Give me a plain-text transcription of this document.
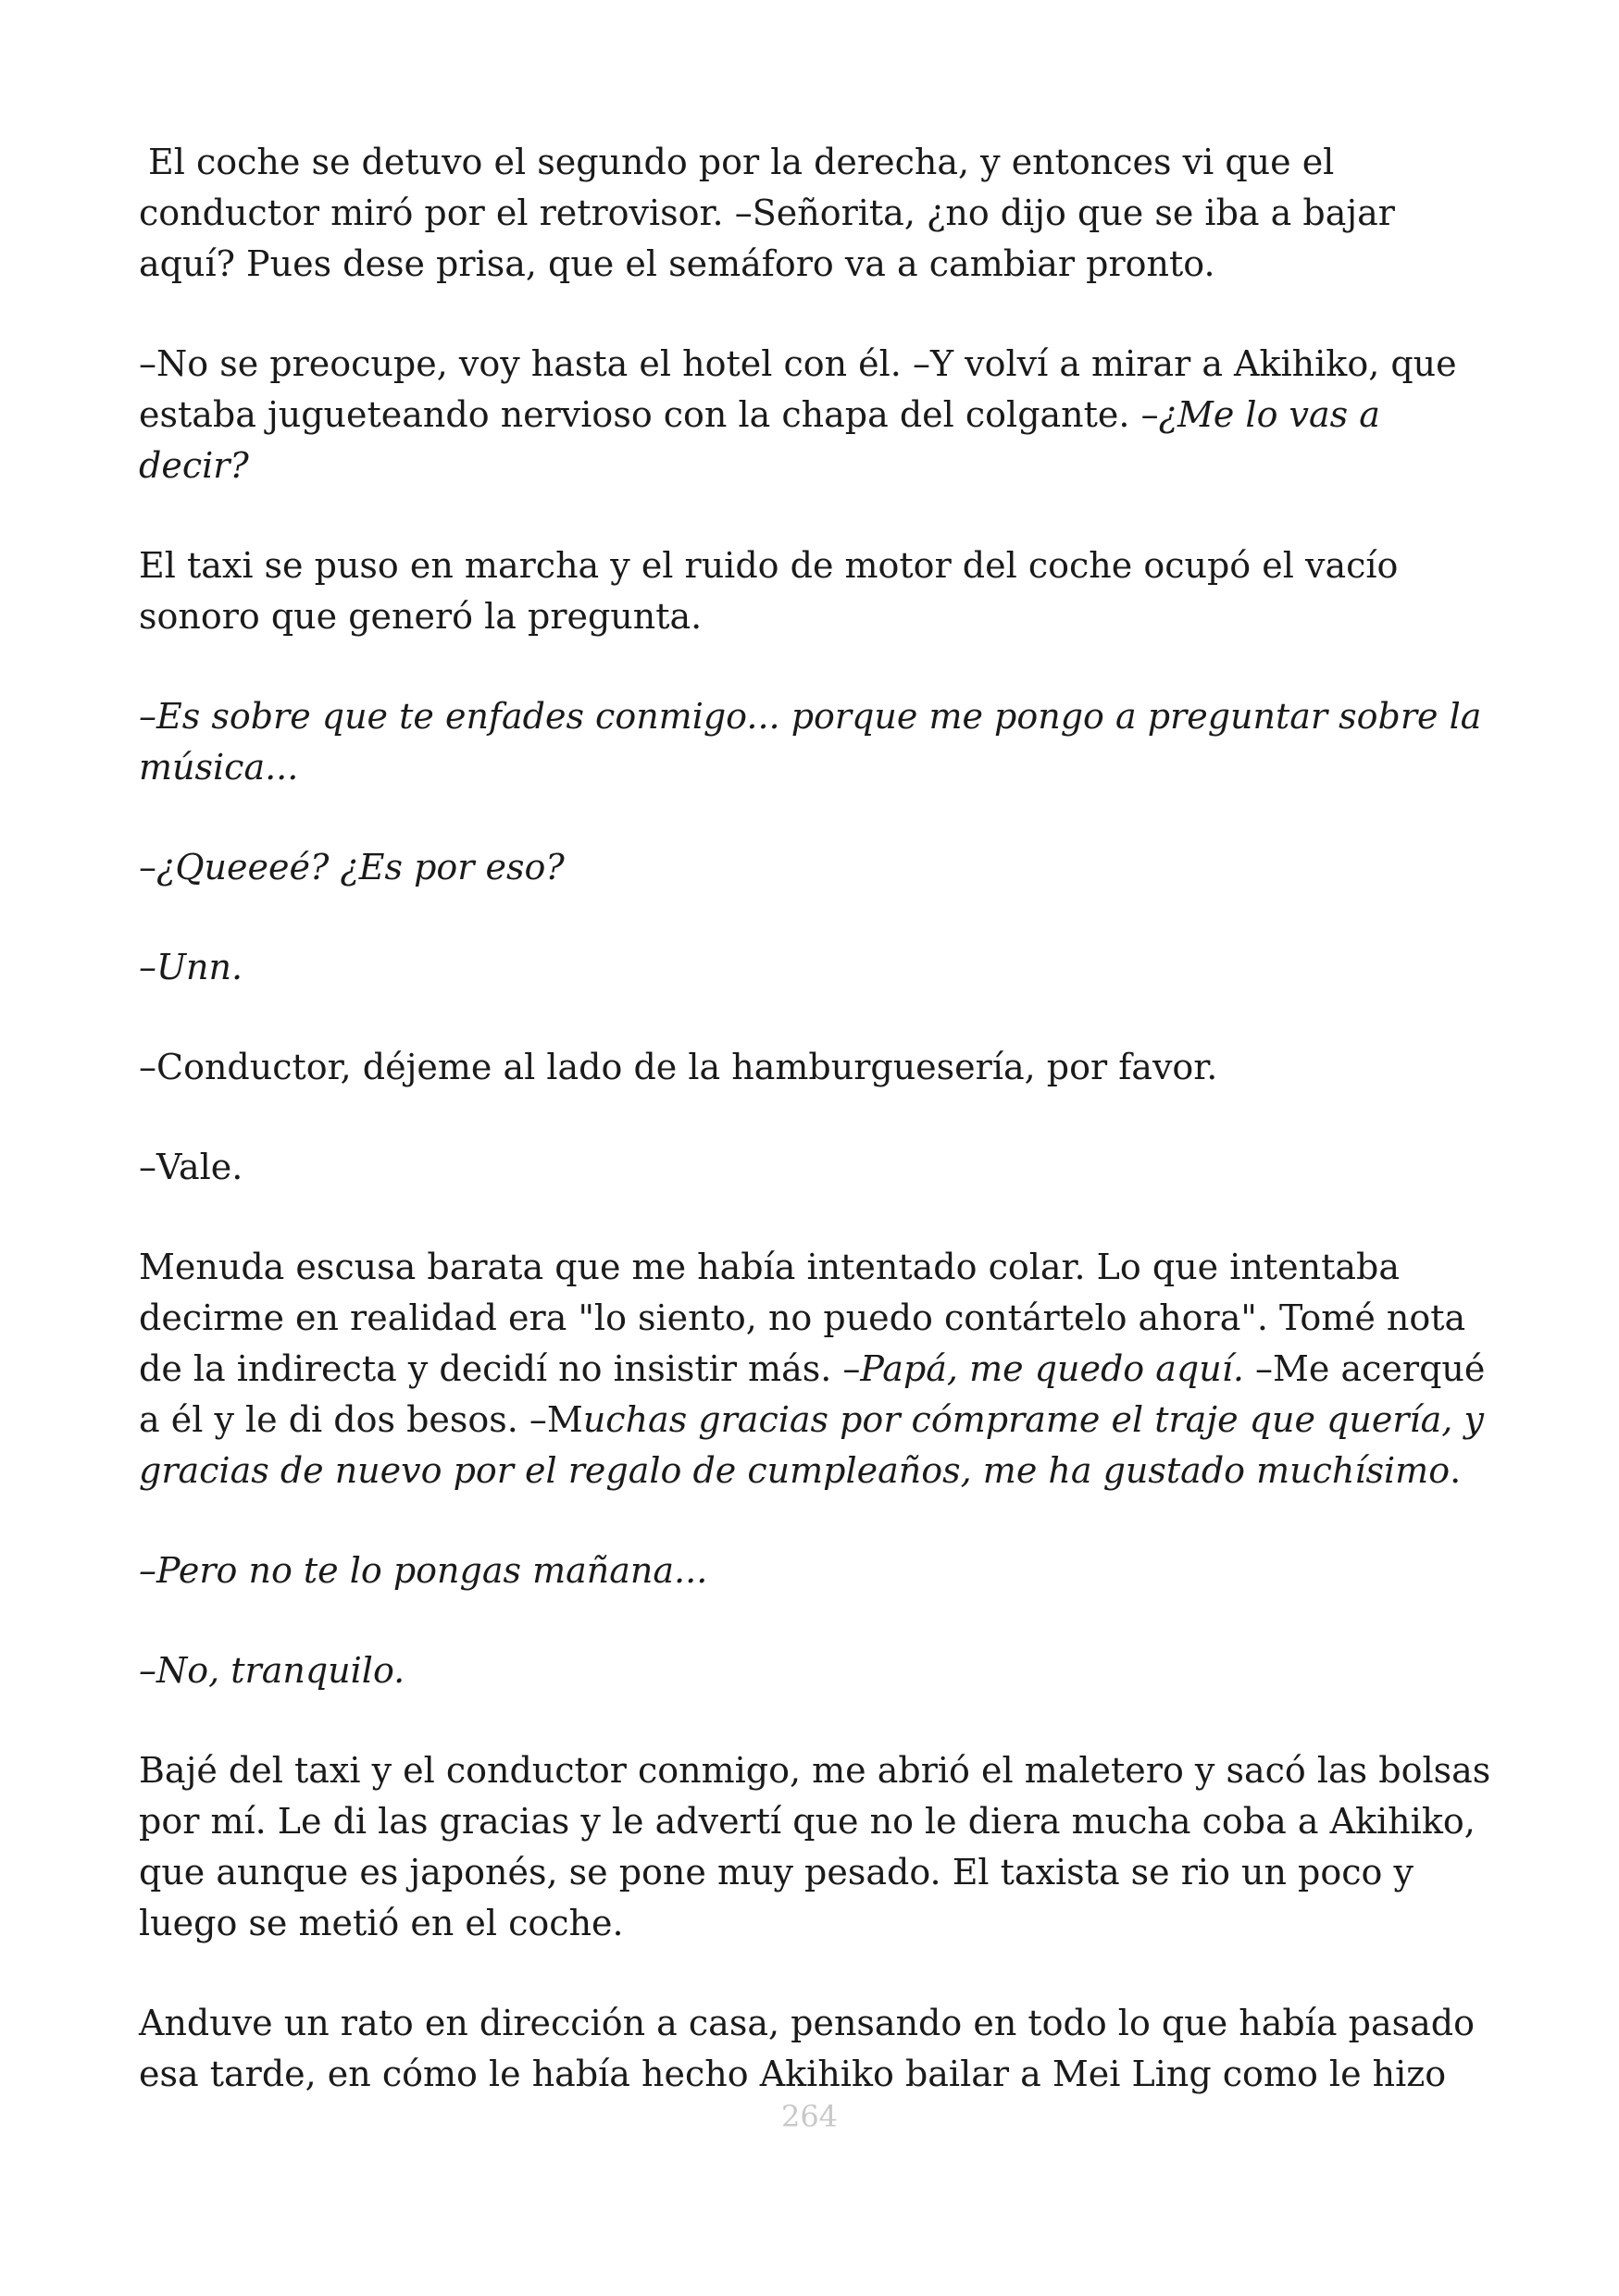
El coche se detuvo el segundo por la derecha, y entonces vi que el conductor miró por el retrovisor. –Señorita, ¿no dijo que se iba a bajar aquí? Pues dese prisa, que el semáforo va a cambiar pronto.

–No se preocupe, voy hasta el hotel con él. –Y volví a mirar a Akihiko, que estaba jugueteando nervioso con la chapa del colgante. –¿Me lo vas a decir?

El taxi se puso en marcha y el ruido de motor del coche ocupó el vacío sonoro que generó la pregunta.

–Es sobre que te enfades conmigo... porque me pongo a preguntar sobre la música...

–¿Queeeé? ¿Es por eso?

–Unn.

–Conductor, déjeme al lado de la hamburguesería, por favor.

–Vale.

Menuda escusa barata que me había intentado colar. Lo que intentaba decirme en realidad era "lo siento, no puedo contártelo ahora". Tomé nota de la indirecta y decidí no insistir más. –Papá, me quedo aquí. –Me acerqué a él y le di dos besos. –Muchas gracias por cómprame el traje que quería, y gracias de nuevo por el regalo de cumpleaños, me ha gustado muchísimo.

–Pero no te lo pongas mañana...

–No, tranquilo.

Bajé del taxi y el conductor conmigo, me abrió el maletero y sacó las bolsas por mí. Le di las gracias y le advertí que no le diera mucha coba a Akihiko, que aunque es japonés, se pone muy pesado. El taxista se rio un poco y luego se metió en el coche.

Anduve un rato en dirección a casa, pensando en todo lo que había pasado esa tarde, en cómo le había hecho Akihiko bailar a Mei Ling como le hizo

264
